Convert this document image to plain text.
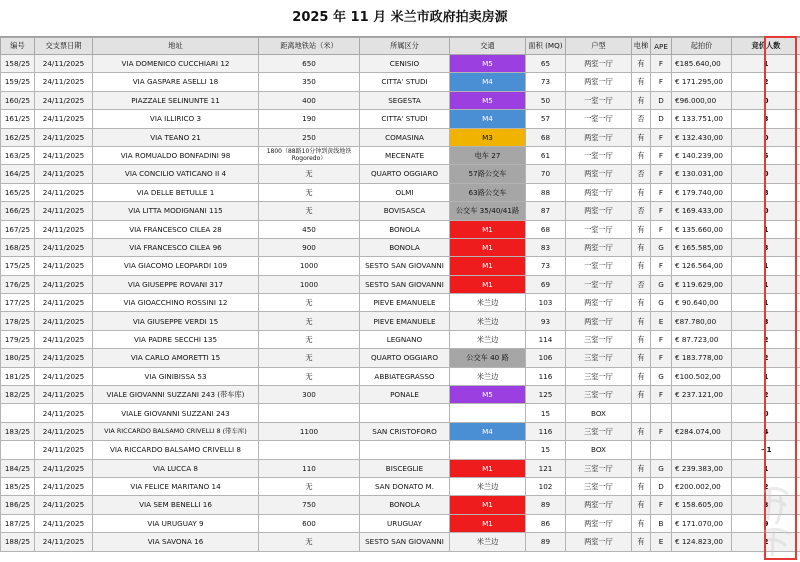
2025 年 11 月 米兰市政府拍卖房源
编号	交支票日期	地址	距离地铁站（米）	所属区分	交通	面积 (MQ)	户型	电梯	APE	起拍价	竞价人数
158/25	24/11/2025	VIA DOMENICO CUCCHIARI 12	650	CENISIO	M5	65	两室一厅	有	F	€185.640,00	1
159/25	24/11/2025	VIA GASPARE ASELLI 18	350	CITTA' STUDI	M4	73	两室一厅	有	F	€ 171.295,00	2
160/25	24/11/2025	PIAZZALE SELINUNTE 11	400	SEGESTA	M5	50	一室一厅	有	D	€96.000,00	0
161/25	24/11/2025	VIA ILLIRICO 3	190	CITTA' STUDI	M4	57	一室一厅	否	D	€ 133.751,00	3
162/25	24/11/2025	VIA TEANO 21	250	COMASINA	M3	68	两室一厅	有	F	€ 132.430,00	0
163/25	24/11/2025	VIA ROMUALDO BONFADINI 98	1800（88路10分钟到黄线地铁Rogoredo）	MECENATE	电车 27	61	一室一厅	有	F	€ 140.239,00	5
164/25	24/11/2025	VIA CONCILIO VATICANO II 4	无	QUARTO OGGIARO	57路公交车	70	两室一厅	否	F	€ 130.031,00	0
165/25	24/11/2025	VIA DELLE BETULLE 1	无	OLMI	63路公交车	88	两室一厅	有	F	€ 179.740,00	8
166/25	24/11/2025	VIA LITTA MODIGNANI 115	无	BOVISASCA	公交车 35/40/41路	87	两室一厅	否	F	€ 169.433,00	0
167/25	24/11/2025	VIA FRANCESCO CILEA 28	450	BONOLA	M1	68	一室一厅	有	F	€ 135.660,00	1
168/25	24/11/2025	VIA FRANCESCO CILEA 96	900	BONOLA	M1	83	两室一厅	有	G	€ 165.585,00	3
175/25	24/11/2025	VIA GIACOMO LEOPARDI 109	1000	SESTO SAN GIOVANNI	M1	73	一室一厅	有	F	€ 126.564,00	1
176/25	24/11/2025	VIA GIUSEPPE ROVANI 317	1000	SESTO SAN GIOVANNI	M1	69	一室一厅	否	G	€ 119.629,00	1
177/25	24/11/2025	VIA GIOACCHINO ROSSINI 12	无	PIEVE EMANUELE	米兰边	103	两室一厅	有	G	€ 90.640,00	1
178/25	24/11/2025	VIA GIUSEPPE VERDI 15	无	PIEVE EMANUELE	米兰边	93	两室一厅	有	E	€87.780,00	3
179/25	24/11/2025	VIA PADRE SECCHI 135	无	LEGNANO	米兰边	114	三室一厅	有	F	€ 87.723,00	2
180/25	24/11/2025	VIA CARLO AMORETTI 15	无	QUARTO OGGIARO	公交车 40 路	106	三室一厅	有	F	€ 183.778,00	2
181/25	24/11/2025	VIA GINIBISSA 53	无	ABBIATEGRASSO	米兰边	116	三室一厅	有	G	€100.502,00	1
182/25	24/11/2025	VIALE GIOVANNI SUZZANI 243 (带车库)	300	PONALE	M5	125	三室一厅	有	F	€ 237.121,00	2
	24/11/2025	VIALE GIOVANNI SUZZANI 243				15	BOX				0
183/25	24/11/2025	VIA RICCARDO BALSAMO CRIVELLI 8 (带车库)	1100	SAN CRISTOFORO	M4	116	三室一厅	有	F	€284.074,00	4
	24/11/2025	VIA RICCARDO BALSAMO CRIVELLI 8				15	BOX				−1
184/25	24/11/2025	VIA LUCCA 8	110	BISCEGLIE	M1	121	三室一厅	有	G	€ 239.383,00	1
185/25	24/11/2025	VIA FELICE MARITANO 14	无	SAN DONATO M.	米兰边	102	三室一厅	有	D	€200.002,00	2
186/25	24/11/2025	VIA SEM BENELLI 16	750	BONOLA	M1	89	两室一厅	有	F	€ 158.605,00	3
187/25	24/11/2025	VIA URUGUAY 9	600	URUGUAY	M1	86	两室一厅	有	B	€ 171.070,00	9
188/25	24/11/2025	VIA SAVONA 16	无	SESTO SAN GIOVANNI	米兰边	89	两室一厅	有	E	€ 124.823,00	2
